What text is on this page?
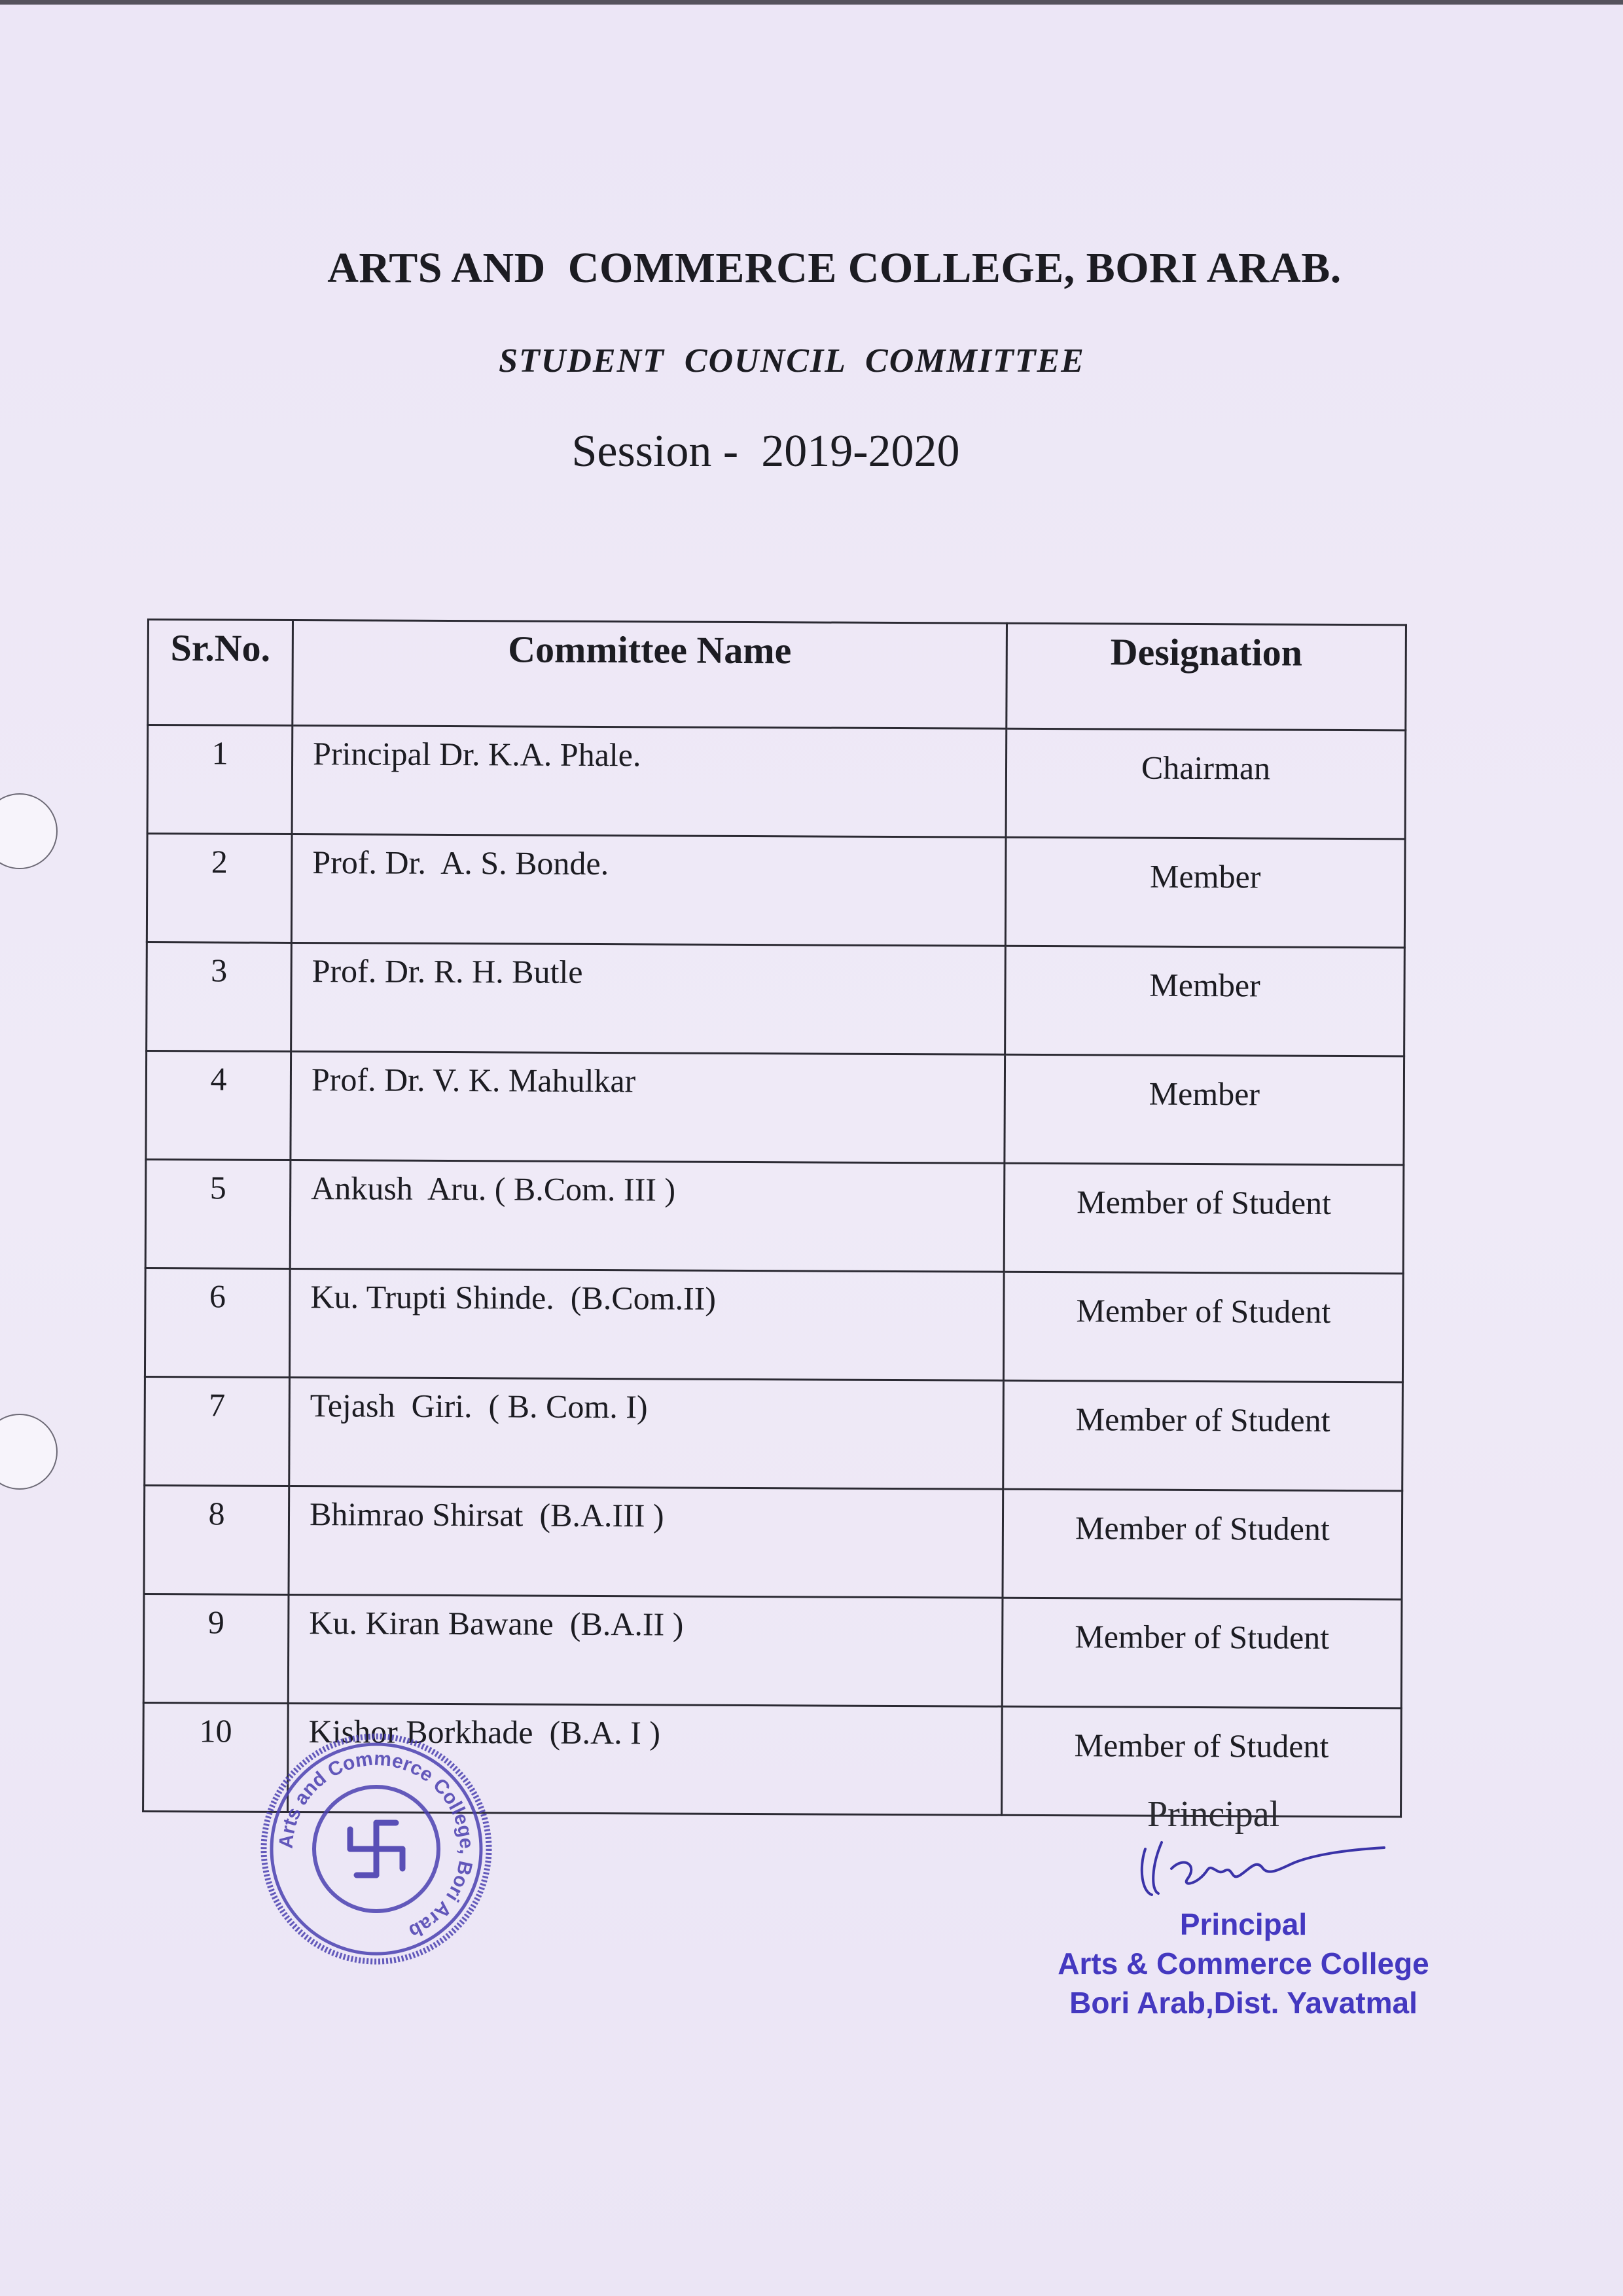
ARTS AND  COMMERCE COLLEGE, BORI ARAB.
STUDENT  COUNCIL  COMMITTEE
Session -  2019-2020
Sr.No.	Committee Name	Designation
1	Principal Dr. K.A. Phale.	Chairman
2	Prof. Dr.  A. S. Bonde.	Member
3	Prof. Dr. R. H. Butle	Member
4	Prof. Dr. V. K. Mahulkar	Member
5	Ankush  Aru. ( B.Com. III )	Member of Student
6	Ku. Trupti Shinde.  (B.Com.II)	Member of Student
7	Tejash  Giri.  ( B. Com. I)	Member of Student
8	Bhimrao Shirsat  (B.A.III )	Member of Student
9	Ku. Kiran Bawane  (B.A.II )	Member of Student
10	Kishor Borkhade  (B.A. I )	Member of Student
Arts and Commerce College, Bori Arab
Principal
Principal
Arts & Commerce College
Bori Arab,Dist. Yavatmal
